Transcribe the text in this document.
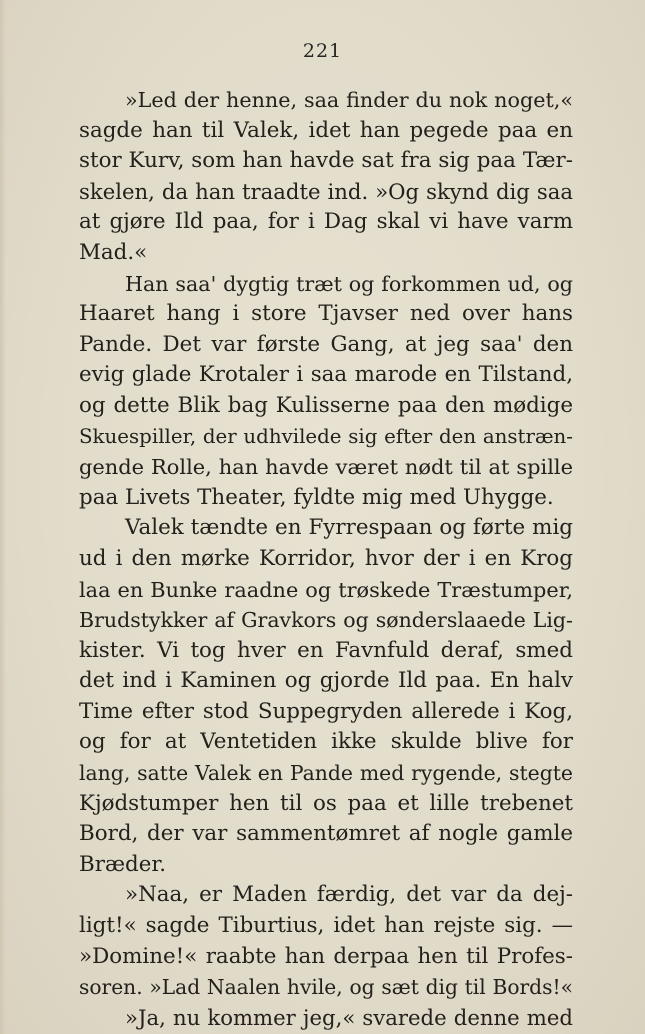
221
»Led der henne, saa finder du nok noget,«
sagde han til Valek, idet han pegede paa en
stor Kurv, som han havde sat fra sig paa Tær-
skelen, da han traadte ind. »Og skynd dig saa
at gjøre Ild paa, for i Dag skal vi have varm
Mad.«
Han saa' dygtig træt og forkommen ud, og
Haaret hang i store Tjavser ned over hans
Pande. Det var første Gang, at jeg saa' den
evig glade Krotaler i saa marode en Tilstand,
og dette Blik bag Kulisserne paa den mødige
Skuespiller, der udhvilede sig efter den anstræn-
gende Rolle, han havde været nødt til at spille
paa Livets Theater, fyldte mig med Uhygge.
Valek tændte en Fyrrespaan og førte mig
ud i den mørke Korridor, hvor der i en Krog
laa en Bunke raadne og trøskede Træstumper,
Brudstykker af Gravkors og sønderslaaede Lig-
kister. Vi tog hver en Favnfuld deraf, smed
det ind i Kaminen og gjorde Ild paa. En halv
Time efter stod Suppegryden allerede i Kog,
og for at Ventetiden ikke skulde blive for
lang, satte Valek en Pande med rygende, stegte
Kjødstumper hen til os paa et lille trebenet
Bord, der var sammentømret af nogle gamle
Bræder.
»Naa, er Maden færdig, det var da dej-
ligt!« sagde Tiburtius, idet han rejste sig. —
»Domine!« raabte han derpaa hen til Profes-
soren. »Lad Naalen hvile, og sæt dig til Bords!«
»Ja, nu kommer jeg,« svarede denne med
